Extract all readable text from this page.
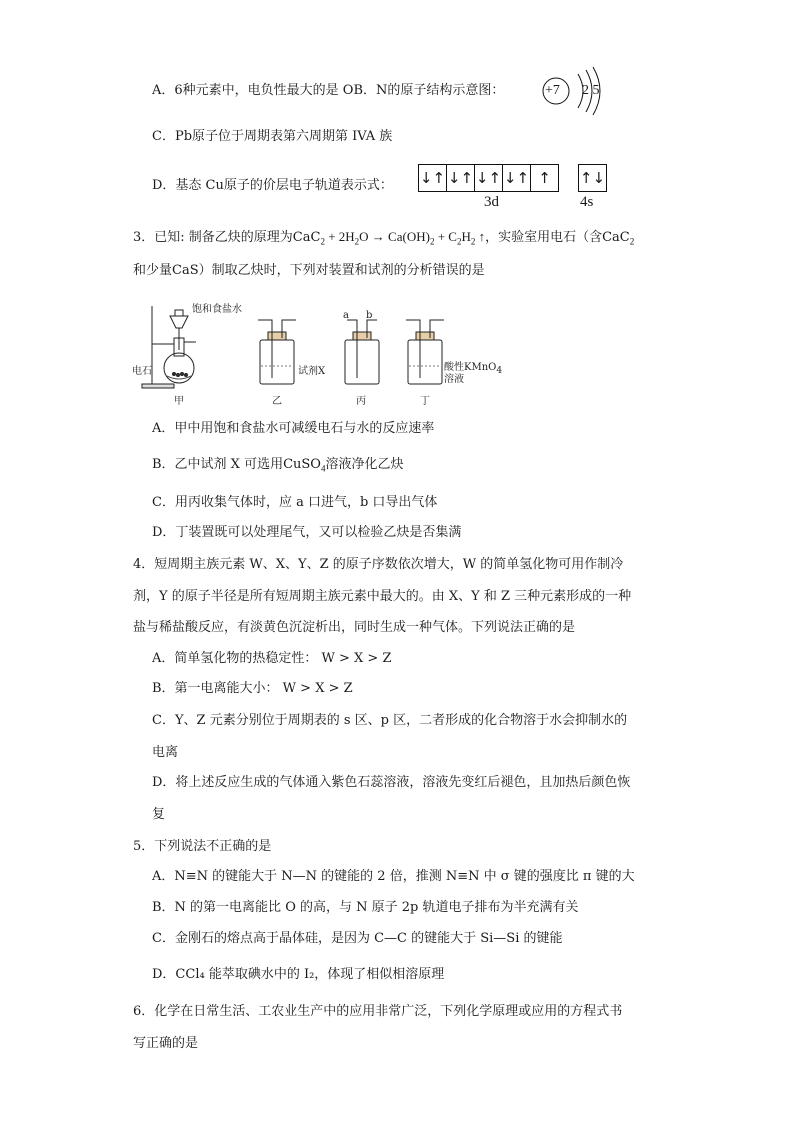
A．6种元素中，电负性最大的是 OB．N的原子结构示意图：	+7 2 5
C．Pb原子位于周期表第六周期第 IVA 族
D．基态 Cu原子的价层电子轨道表示式： ↓↑ ↓↑ ↓↑ ↓↑ ↑	↑↓
3d	4s
3．已知: 制备乙炔的原理为$CaC_2 + 2H_2O \to Ca(OH)_2 + C_2H_2$ ↑，实验室用电石（含CaC$_2$
和少量CaS）制取乙炔时，下列对装置和试剂的分析错误的是
饱和食盐水
电石	试剂X
a b
酸性KMnO$_4$
溶液
甲	乙	丙	丁
A．甲中用饱和食盐水可减缓电石与水的反应速率
B．乙中试剂 X 可选用CuSO$_4$溶液净化乙炔
C．用丙收集气体时，应 a 口进气，b 口导出气体
D．丁装置既可以处理尾气，又可以检验乙炔是否集满
4．短周期主族元素 W、X、Y、Z 的原子序数依次增大，W 的简单氢化物可用作制冷
剂，Y 的原子半径是所有短周期主族元素中最大的。由 X、Y 和 Z 三种元素形成的一种
盐与稀盐酸反应，有淡黄色沉淀析出，同时生成一种气体。下列说法正确的是
A．简单氢化物的热稳定性： W > X > Z
B．第一电离能大小： W > X > Z
C．Y、Z 元素分别位于周期表的 s 区、p 区，二者形成的化合物溶于水会抑制水的
电离
D．将上述反应生成的气体通入紫色石蕊溶液，溶液先变红后褪色，且加热后颜色恢
复
5．下列说法不正确的是
A．N≡N 的键能大于 N—N 的键能的 2 倍，推测 N≡N 中 σ 键的强度比 π 键的大
B．N 的第一电离能比 O 的高，与 N 原子 2p 轨道电子排布为半充满有关
C．金刚石的熔点高于晶体硅，是因为 C—C 的键能大于 Si—Si 的键能
D．CCl₄ 能萃取碘水中的 I₂，体现了相似相溶原理
6．化学在日常生活、工农业生产中的应用非常广泛，下列化学原理或应用的方程式书
写正确的是
